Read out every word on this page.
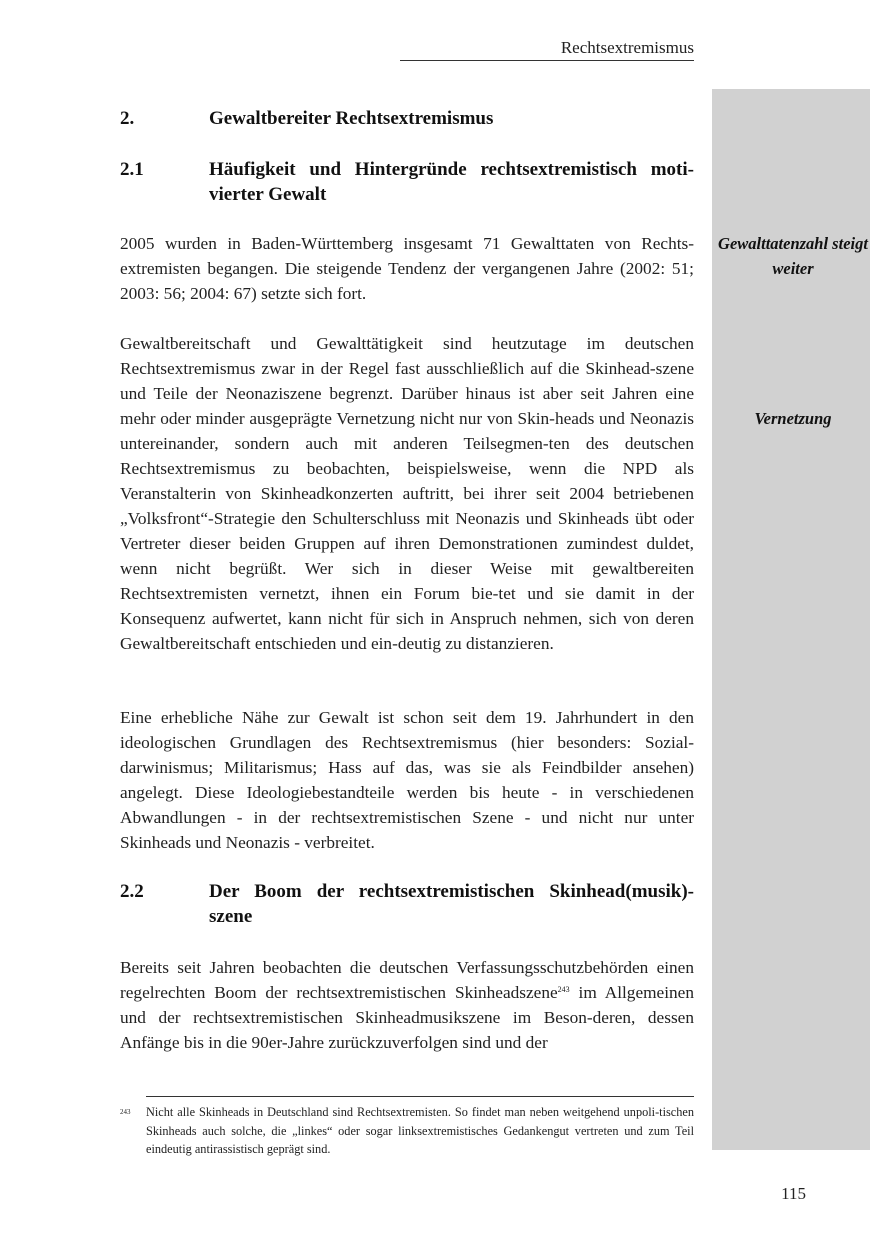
Rechtsextremismus
Gewalttatenzahl steigt weiter
Vernetzung
2.	Gewaltbereiter Rechtsextremismus
2.1	Häufigkeit und Hintergründe rechtsextremistisch moti-vierter Gewalt

2005 wurden in Baden-Württemberg insgesamt 71 Gewalttaten von Rechts-extremisten begangen. Die steigende Tendenz der vergangenen Jahre (2002: 51; 2003: 56; 2004: 67) setzte sich fort.

Gewaltbereitschaft und Gewalttätigkeit sind heutzutage im deutschen Rechtsextremismus zwar in der Regel fast ausschließlich auf die Skinhead-szene und Teile der Neonaziszene begrenzt. Darüber hinaus ist aber seit Jahren eine mehr oder minder ausgeprägte Vernetzung nicht nur von Skin-heads und Neonazis untereinander, sondern auch mit anderen Teilsegmen-ten des deutschen Rechtsextremismus zu beobachten, beispielsweise, wenn die NPD als Veranstalterin von Skinheadkonzerten auftritt, bei ihrer seit 2004 betriebenen „Volksfront“-Strategie den Schulterschluss mit Neonazis und Skinheads übt oder Vertreter dieser beiden Gruppen auf ihren Demonstrationen zumindest duldet, wenn nicht begrüßt. Wer sich in dieser Weise mit gewaltbereiten Rechtsextremisten vernetzt, ihnen ein Forum bie-tet und sie damit in der Konsequenz aufwertet, kann nicht für sich in Anspruch nehmen, sich von deren Gewaltbereitschaft entschieden und ein-deutig zu distanzieren.

Eine erhebliche Nähe zur Gewalt ist schon seit dem 19. Jahrhundert in den ideologischen Grundlagen des Rechtsextremismus (hier besonders: Sozial-darwinismus; Militarismus; Hass auf das, was sie als Feindbilder ansehen) angelegt. Diese Ideologiebestandteile werden bis heute - in verschiedenen Abwandlungen - in der rechtsextremistischen Szene - und nicht nur unter Skinheads und Neonazis - verbreitet.

2.2	Der Boom der rechtsextremistischen Skinhead(musik)-szene

Bereits seit Jahren beobachten die deutschen Verfassungsschutzbehörden einen regelrechten Boom der rechtsextremistischen Skinheadszene$^{243}$ im Allgemeinen und der rechtsextremistischen Skinheadmusikszene im Beson-deren, dessen Anfänge bis in die 90er-Jahre zurückzuverfolgen sind und der

243 Nicht alle Skinheads in Deutschland sind Rechtsextremisten. So findet man neben weitgehend unpoli-tischen Skinheads auch solche, die „linkes“ oder sogar linksextremistisches Gedankengut vertreten und zum Teil eindeutig antirassistisch geprägt sind.
115
